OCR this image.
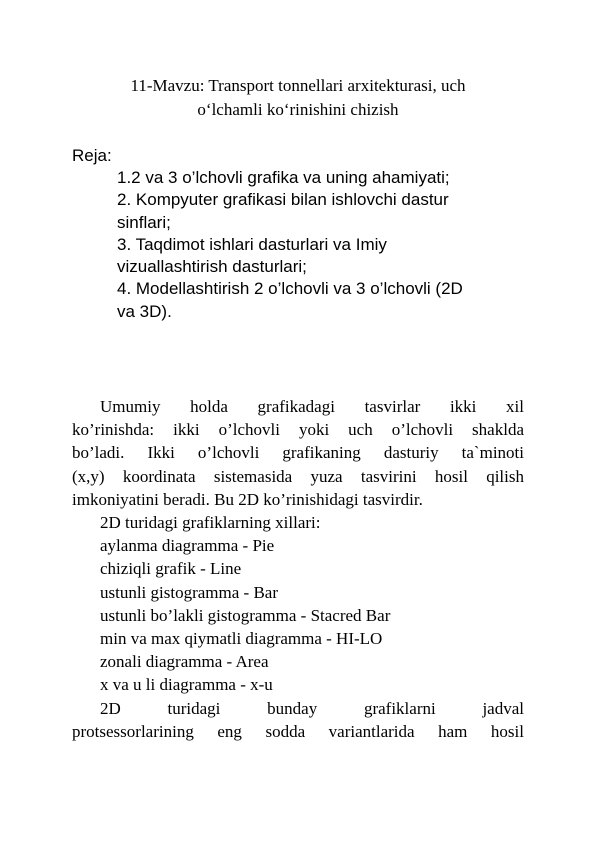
11-Mavzu: Transport tonnellari arxitekturasi, uch
o‘lchamli ko‘rinishini chizish
Reja:
1.2 va 3 o’lchovli grafika va uning ahamiyati;
2. Kompyuter grafikasi bilan ishlovchi dastur
sinflari;
3. Taqdimot ishlari dasturlari va Imiy
vizuallashtirish dasturlari;
4. Modellashtirish 2 o’lchovli va 3 o’lchovli (2D
va 3D).
Umumiy holda grafikadagi tasvirlar ikki xil
ko’rinishda: ikki o’lchovli yoki uch o’lchovli shaklda
bo’ladi. Ikki o’lchovli grafikaning dasturiy ta`minoti
(x,y) koordinata sistemasida yuza tasvirini hosil qilish
imkoniyatini beradi. Bu 2D ko’rinishidagi tasvirdir.
2D turidagi grafiklarning xillari:
aylanma diagramma - Pie
chiziqli grafik - Line
ustunli gistogramma - Bar
ustunli bo’lakli gistogramma - Stacred Bar
min va max qiymatli diagramma - HI-LO
zonali diagramma - Area
x va u li diagramma - x-u
2D turidagi bunday grafiklarni jadval
protsessorlarining eng sodda variantlarida ham hosil
